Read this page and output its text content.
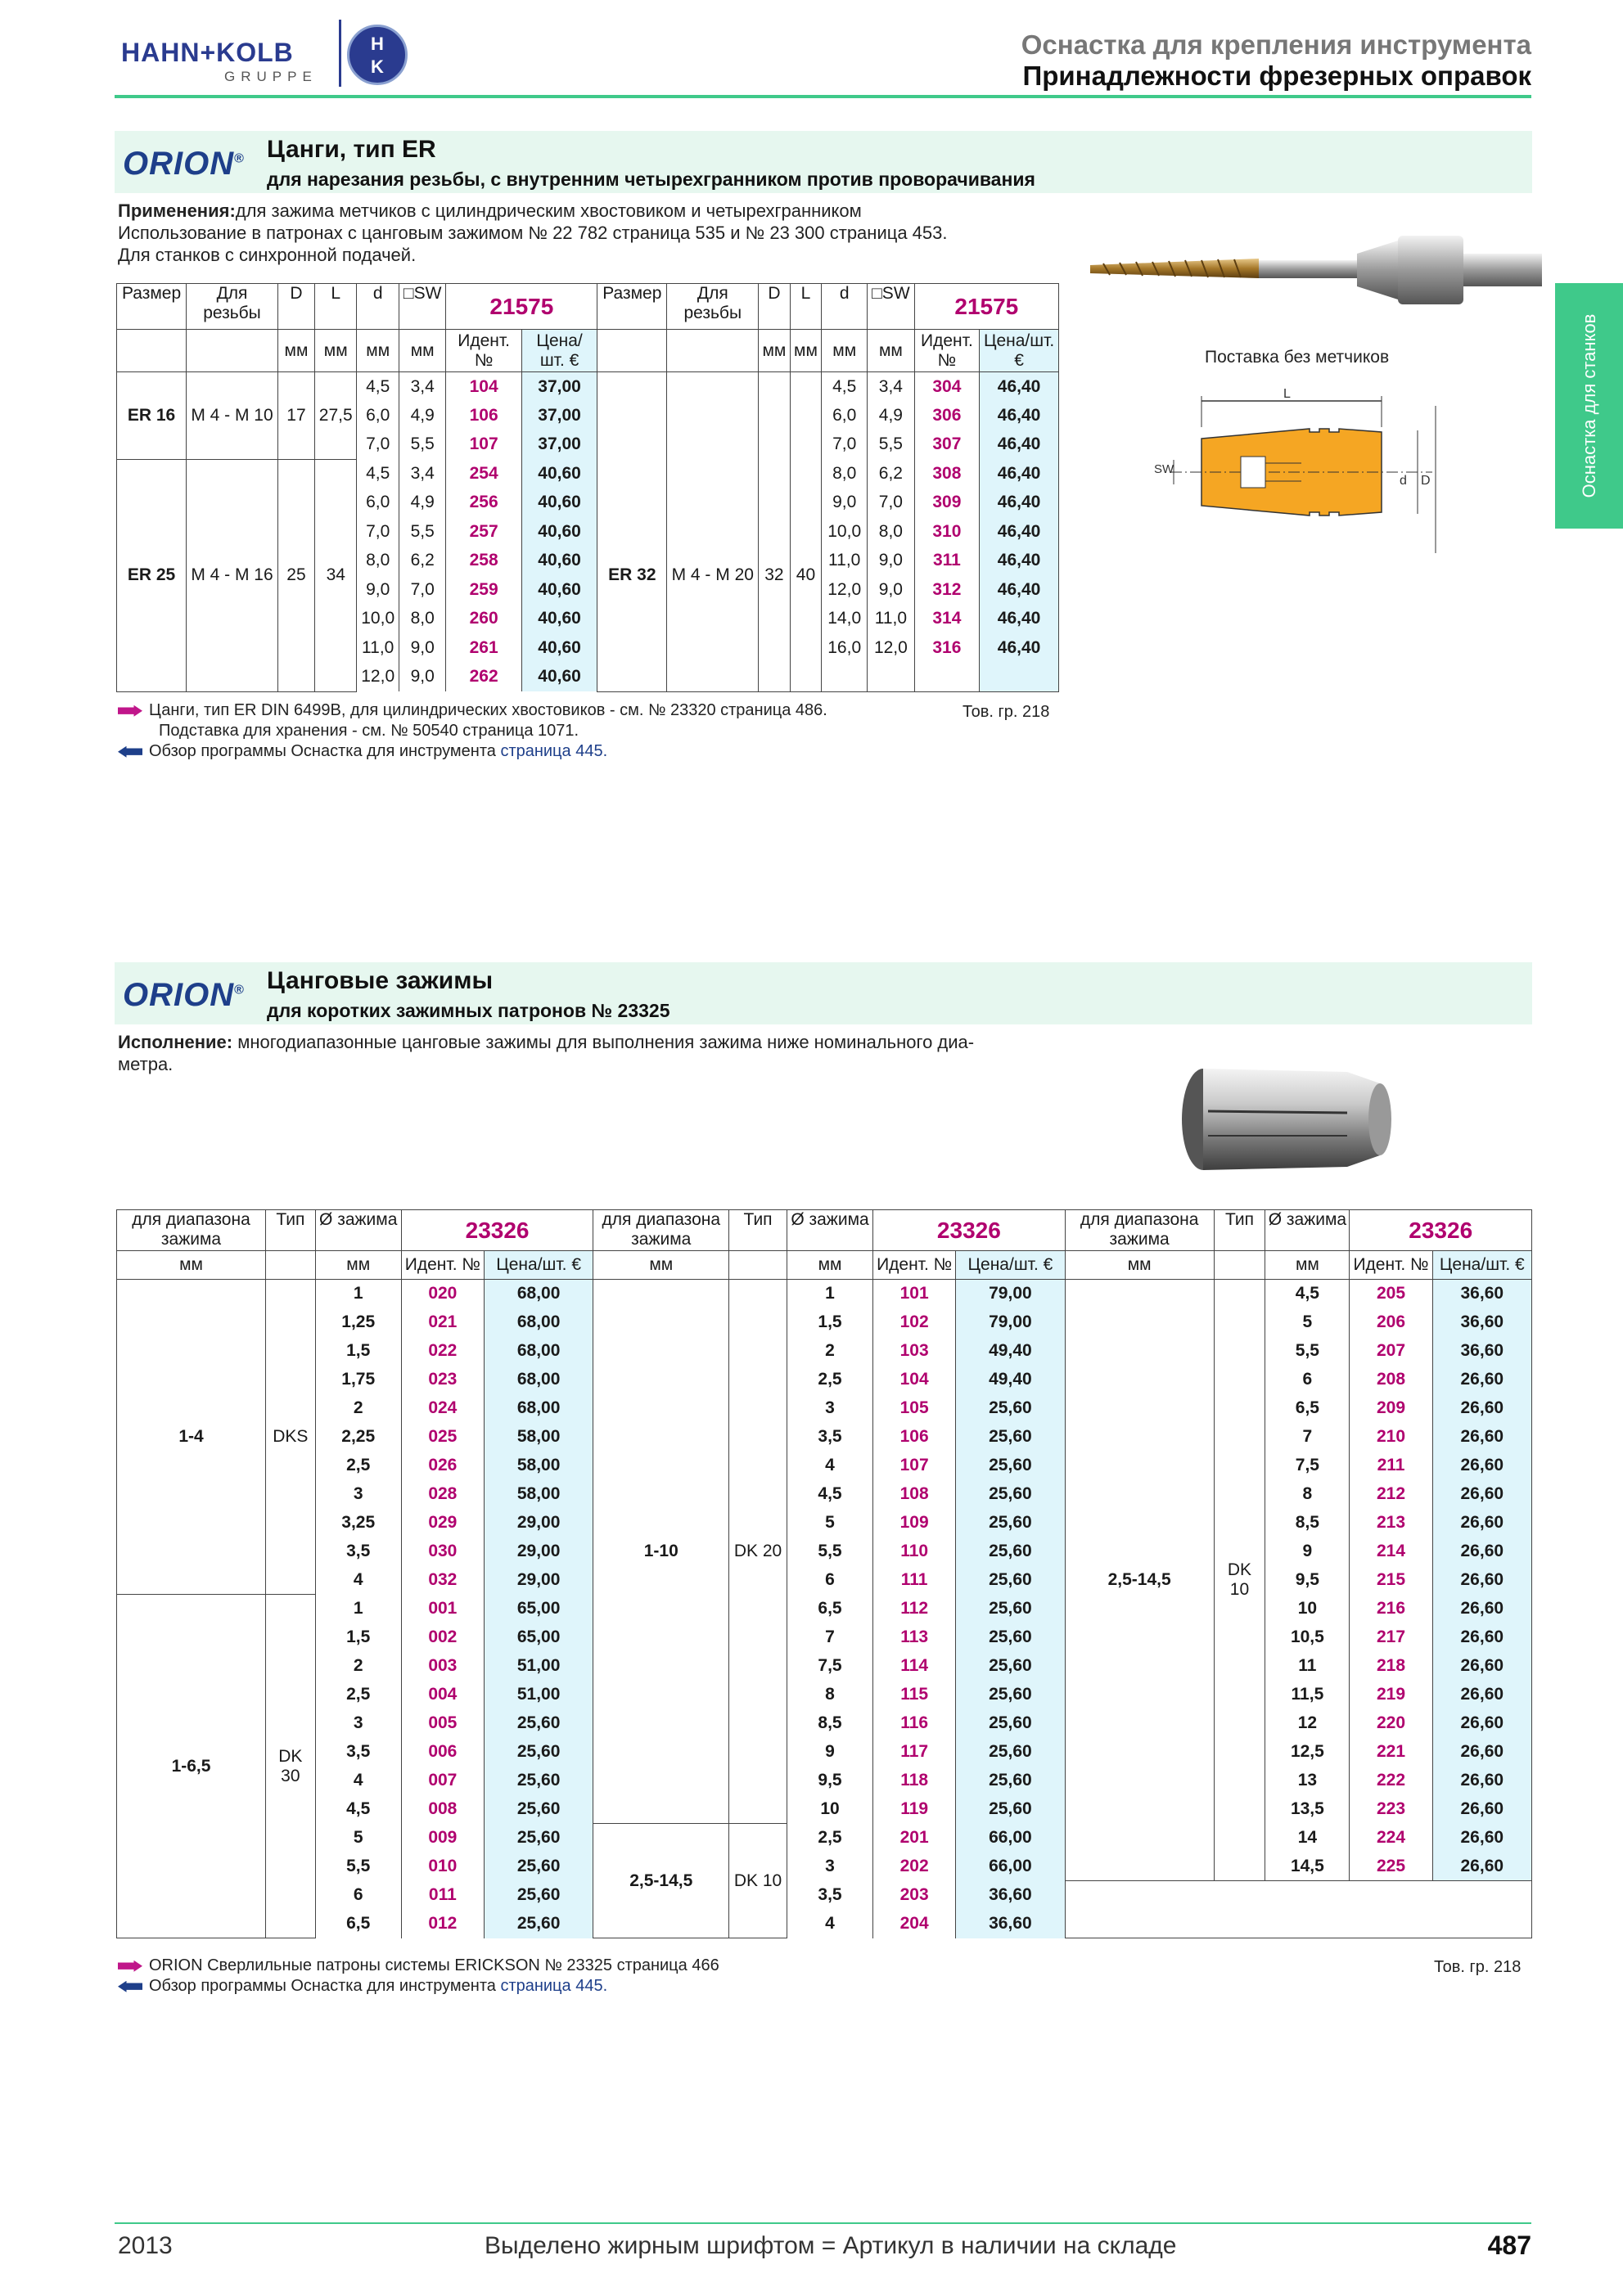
HAHN+KOLB
GRUPPE
H
K
Оснастка для крепления инструмента
Принадлежности фрезерных оправок
Оснастка для станков
ORION® Цанги, тип ER
для нарезания резьбы, с внутренним четырехгранником против проворачивания
Применения:для зажима метчиков с цилиндрическим хвостовиком и четырехгранником
Использование в патронах с цанговым зажимом № 22 782 страница 535 и № 23 300 страница 453.
Для станков с синхронной подачей.
Поставка без метчиков
L
SW
d D
Размер	Для резьбы	D	L	d	□SW	21575		Размер	Для резьбы	D	L	d	□SW	21575	
		мм	мм	мм	мм	Идент. №	Цена/шт. €			мм	мм	мм	мм	Идент. №	Цена/шт. €
ER 16	М 4 - М 10	17	27,5	4,5	3,4	104	37,00					4,5	3,4	304	46,40
				6,0	4,9	106	37,00					6,0	4,9	306	46,40
				7,0	5,5	107	37,00					7,0	5,5	307	46,40
ER 25	М 4 - М 16	25	34	4,5	3,4	254	40,60	ER 32	М 4 - М 20	32	40	8,0	6,2	308	46,40
				6,0	4,9	256	40,60					9,0	7,0	309	46,40
				7,0	5,5	257	40,60					10,0	8,0	310	46,40
				8,0	6,2	258	40,60					11,0	9,0	311	46,40
				9,0	7,0	259	40,60					12,0	9,0	312	46,40
				10,0	8,0	260	40,60					14,0	11,0	314	46,40
				11,0	9,0	261	40,60					16,0	12,0	316	46,40
				12,0	9,0	262	40,60								
Цанги, тип ER DIN 6499B, для цилиндрических хвостовиков - см. № 23320 страница 486.
Подставка для хранения - см. № 50540 страница 1071.
Обзор программы Оснастка для инструмента страница 445.
Тов. гр. 218
ORION® Цанговые зажимы
для коротких зажимных патронов № 23325
Исполнение: многодиапазонные цанговые зажимы для выполнения зажима ниже номинального диа-
метра.
для диапазона зажима	Тип	Ø зажима	23326		для диапазона зажима	Тип	Ø зажима	23326		для диапазона зажима	Тип	Ø зажима	23326	
мм		мм	Идент. №	Цена/шт. €	мм		мм	Идент. №	Цена/шт. €	мм		мм	Идент. №	Цена/шт. €
1-4	DKS	1	020	68,00	1-10	DK 20	1	101	79,00	2,5-14,5	DK 10	4,5	205	36,60
		1,25	021	68,00			1,5	102	79,00			5	206	36,60
		1,5	022	68,00			2	103	49,40			5,5	207	36,60
		1,75	023	68,00			2,5	104	49,40			6	208	26,60
		2	024	68,00			3	105	25,60			6,5	209	26,60
		2,25	025	58,00			3,5	106	25,60			7	210	26,60
		2,5	026	58,00			4	107	25,60			7,5	211	26,60
		3	028	58,00			4,5	108	25,60			8	212	26,60
		3,25	029	29,00			5	109	25,60			8,5	213	26,60
		3,5	030	29,00			5,5	110	25,60			9	214	26,60
		4	032	29,00			6	111	25,60			9,5	215	26,60
1-6,5	DK 30	1	001	65,00			6,5	112	25,60			10	216	26,60
		1,5	002	65,00			7	113	25,60			10,5	217	26,60
		2	003	51,00			7,5	114	25,60			11	218	26,60
		2,5	004	51,00			8	115	25,60			11,5	219	26,60
		3	005	25,60			8,5	116	25,60			12	220	26,60
		3,5	006	25,60			9	117	25,60			12,5	221	26,60
		4	007	25,60			9,5	118	25,60			13	222	26,60
		4,5	008	25,60			10	119	25,60			13,5	223	26,60
		5	009	25,60	2,5-14,5	DK 10	2,5	201	66,00			14	224	26,60
		5,5	010	25,60			3	202	66,00			14,5	225	26,60
		6	011	25,60			3,5	203	36,60					
		6,5	012	25,60			4	204	36,60					
ORION Сверлильные патроны системы ERICKSON № 23325 страница 466
Обзор программы Оснастка для инструмента страница 445.
Тов. гр. 218
2013	Выделено жирным шрифтом = Артикул в наличии на складе	487
